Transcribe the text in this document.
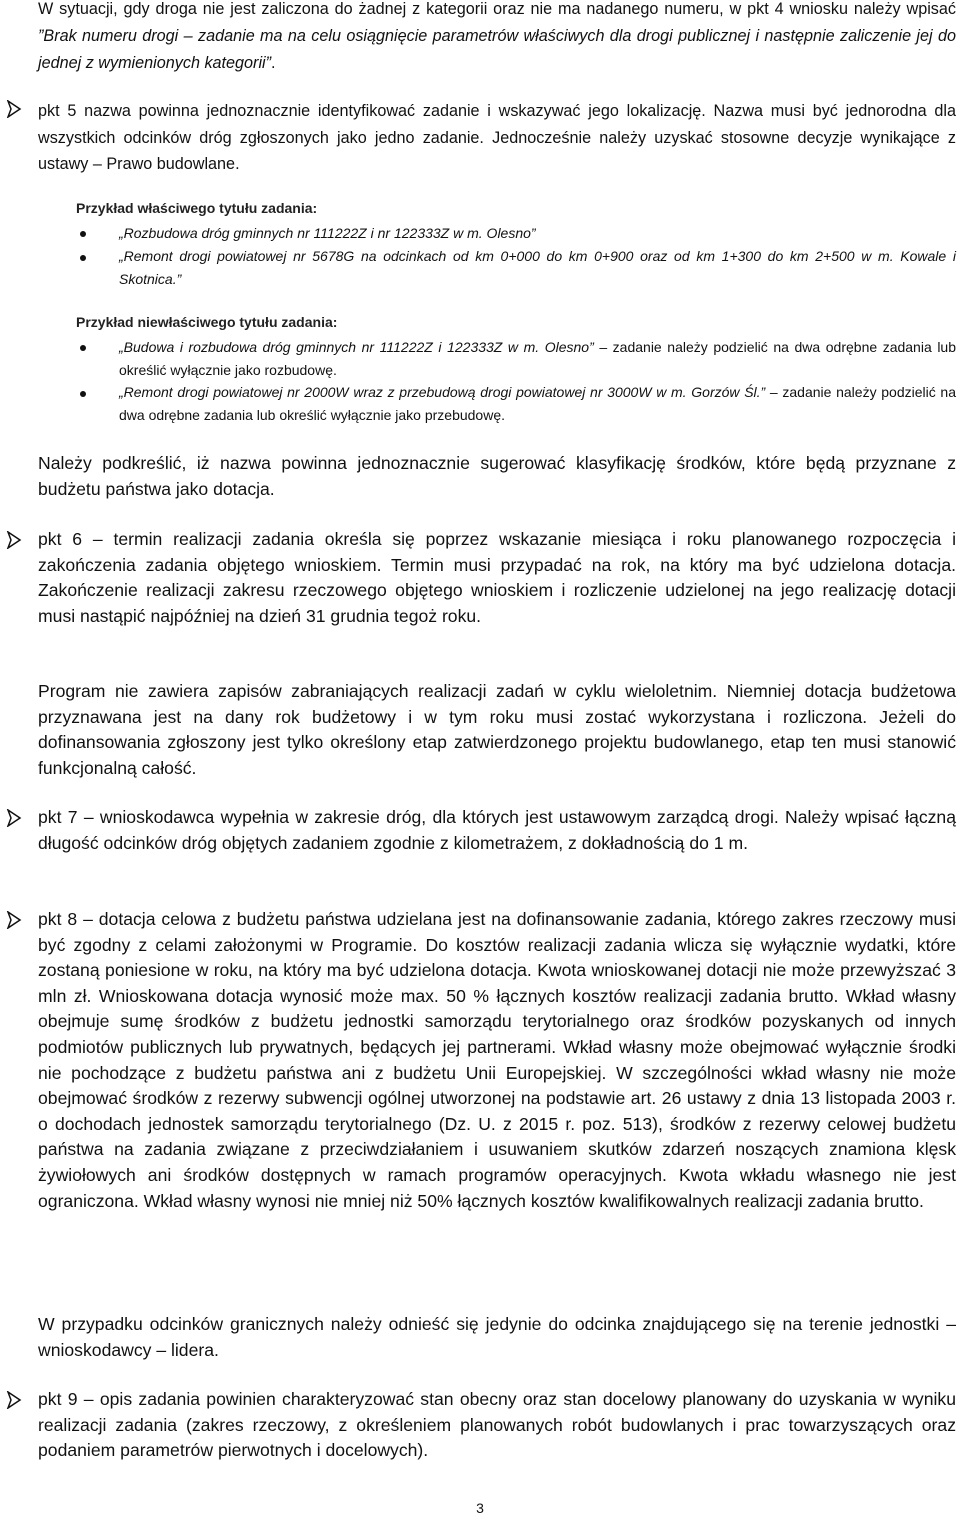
W sytuacji, gdy droga nie jest zaliczona do żadnej z kategorii oraz nie ma nadanego numeru, w pkt 4 wniosku należy wpisać ”Brak numeru drogi – zadanie ma na celu osiągnięcie parametrów właściwych dla drogi publicznej i następnie zaliczenie jej do jednej z wymienionych kategorii”.

pkt 5 nazwa powinna jednoznacznie identyfikować zadanie i wskazywać jego lokalizację. Nazwa musi być jednorodna dla wszystkich odcinków dróg zgłoszonych jako jedno zadanie. Jednocześnie należy uzyskać stosowne decyzje wynikające z ustawy – Prawo budowlane.

Przykład właściwego tytułu zadania:
„Rozbudowa dróg gminnych nr 111222Z i nr 122333Z w m. Olesno”
„Remont drogi powiatowej nr 5678G na odcinkach od km 0+000 do km 0+900 oraz od km 1+300 do km 2+500 w m. Kowale i Skotnica.”
Przykład niewłaściwego tytułu zadania:
„Budowa i rozbudowa dróg gminnych nr 111222Z i 122333Z w m. Olesno” – zadanie należy podzielić na dwa odrębne zadania lub określić wyłącznie jako rozbudowę.
„Remont drogi powiatowej nr 2000W wraz z przebudową drogi powiatowej nr 3000W w m. Gorzów Śl.” – zadanie należy podzielić na dwa odrębne zadania lub określić wyłącznie jako przebudowę.

Należy podkreślić, iż nazwa powinna jednoznacznie sugerować klasyfikację środków, które będą przyznane z budżetu państwa jako dotacja.

pkt 6 – termin realizacji zadania określa się poprzez wskazanie miesiąca i roku planowanego rozpoczęcia i zakończenia zadania objętego wnioskiem. Termin musi przypadać na rok, na który ma być udzielona dotacja. Zakończenie realizacji zakresu rzeczowego objętego wnioskiem i rozliczenie udzielonej na jego realizację dotacji musi nastąpić najpóźniej na dzień 31 grudnia tegoż roku.

Program nie zawiera zapisów zabraniających realizacji zadań w cyklu wieloletnim. Niemniej dotacja budżetowa przyznawana jest na dany rok budżetowy i w tym roku musi zostać wykorzystana i rozliczona. Jeżeli do dofinansowania zgłoszony jest tylko określony etap zatwierdzonego projektu budowlanego, etap ten musi stanowić funkcjonalną całość.

pkt 7 – wnioskodawca wypełnia w zakresie dróg, dla których jest ustawowym zarządcą drogi. Należy wpisać łączną długość odcinków dróg objętych zadaniem zgodnie z kilometrażem, z dokładnością do 1 m.

pkt 8 – dotacja celowa z budżetu państwa udzielana jest na dofinansowanie zadania, którego zakres rzeczowy musi być zgodny z celami założonymi w Programie. Do kosztów realizacji zadania wlicza się wyłącznie wydatki, które zostaną poniesione w roku, na który ma być udzielona dotacja. Kwota wnioskowanej dotacji nie może przewyższać 3 mln zł. Wnioskowana dotacja wynosić może max. 50 % łącznych kosztów realizacji zadania brutto. Wkład własny obejmuje sumę środków z budżetu jednostki samorządu terytorialnego oraz środków pozyskanych od innych podmiotów publicznych lub prywatnych, będących jej partnerami. Wkład własny może obejmować wyłącznie środki nie pochodzące z budżetu państwa ani z budżetu Unii Europejskiej. W szczególności wkład własny nie może obejmować środków z rezerwy subwencji ogólnej utworzonej na podstawie art. 26 ustawy z dnia 13 listopada 2003 r. o dochodach jednostek samorządu terytorialnego (Dz. U. z 2015 r. poz. 513), środków z rezerwy celowej budżetu państwa na zadania związane z przeciwdziałaniem i usuwaniem skutków zdarzeń noszących znamiona klęsk żywiołowych ani środków dostępnych w ramach programów operacyjnych. Kwota wkładu własnego nie jest ograniczona. Wkład własny wynosi nie mniej niż 50% łącznych kosztów kwalifikowalnych realizacji zadania brutto.

W przypadku odcinków granicznych należy odnieść się jedynie do odcinka znajdującego się na terenie jednostki – wnioskodawcy – lidera.

pkt 9 – opis zadania powinien charakteryzować stan obecny oraz stan docelowy planowany do uzyskania w wyniku realizacji zadania (zakres rzeczowy, z określeniem planowanych robót budowlanych i prac towarzyszących oraz podaniem parametrów pierwotnych i docelowych).

3
